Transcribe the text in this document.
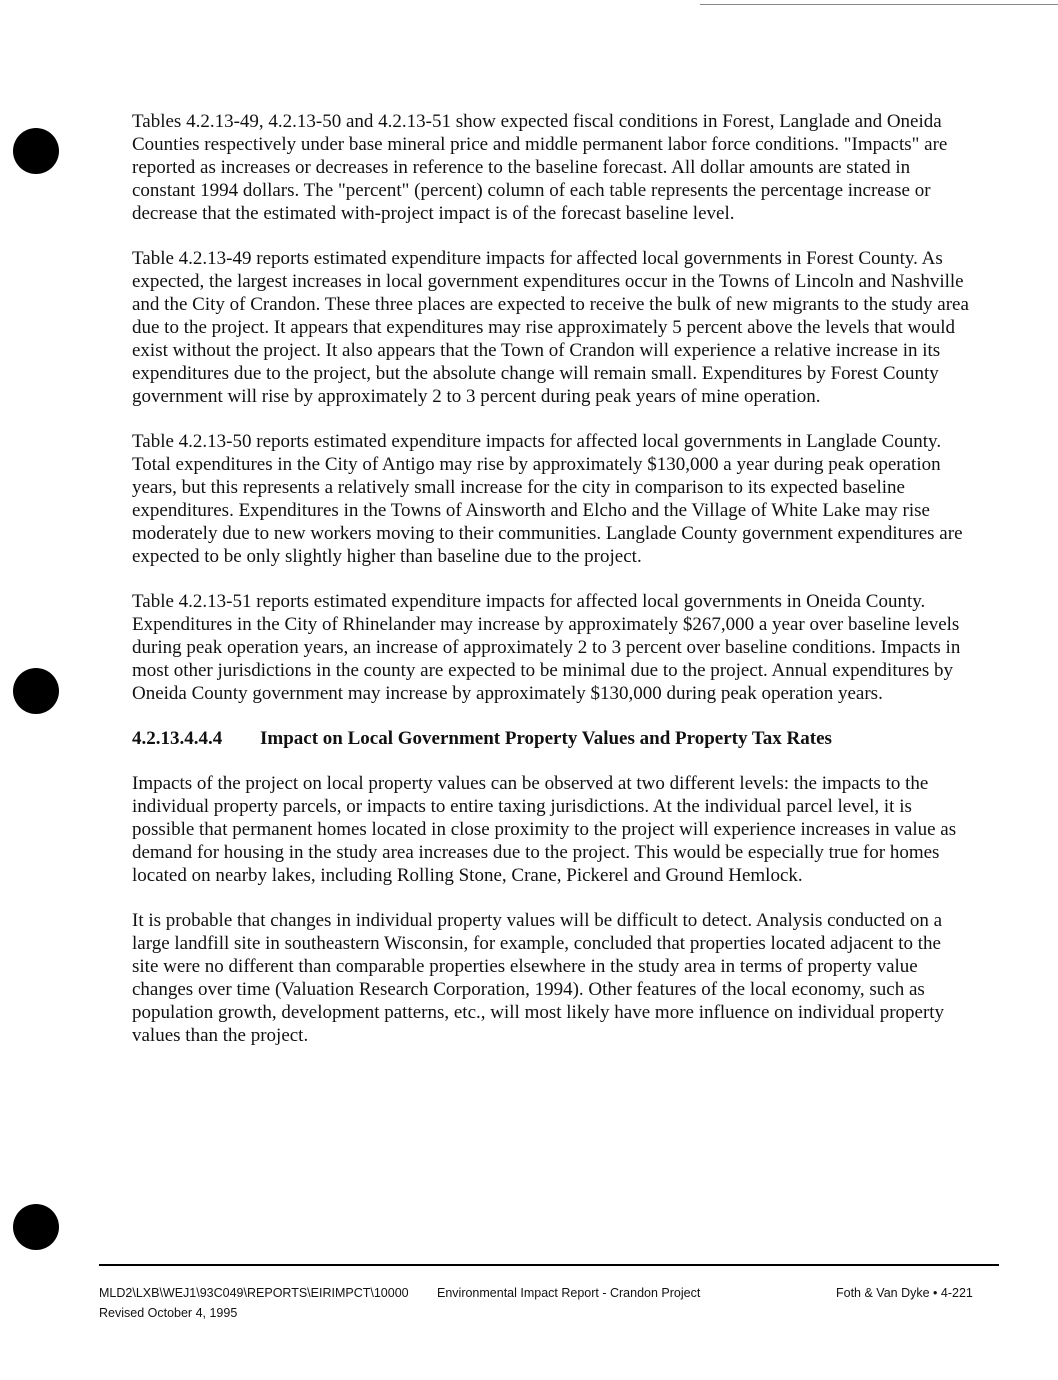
Tables 4.2.13-49, 4.2.13-50 and 4.2.13-51 show expected fiscal conditions in Forest, Langlade and Oneida Counties respectively under base mineral price and middle permanent labor force conditions. "Impacts" are reported as increases or decreases in reference to the baseline forecast. All dollar amounts are stated in constant 1994 dollars. The "percent" (percent) column of each table represents the percentage increase or decrease that the estimated with-project impact is of the forecast baseline level.

Table 4.2.13-49 reports estimated expenditure impacts for affected local governments in Forest County. As expected, the largest increases in local government expenditures occur in the Towns of Lincoln and Nashville and the City of Crandon. These three places are expected to receive the bulk of new migrants to the study area due to the project. It appears that expenditures may rise approximately 5 percent above the levels that would exist without the project. It also appears that the Town of Crandon will experience a relative increase in its expenditures due to the project, but the absolute change will remain small. Expenditures by Forest County government will rise by approximately 2 to 3 percent during peak years of mine operation.

Table 4.2.13-50 reports estimated expenditure impacts for affected local governments in Langlade County. Total expenditures in the City of Antigo may rise by approximately $130,000 a year during peak operation years, but this represents a relatively small increase for the city in comparison to its expected baseline expenditures. Expenditures in the Towns of Ainsworth and Elcho and the Village of White Lake may rise moderately due to new workers moving to their communities. Langlade County government expenditures are expected to be only slightly higher than baseline due to the project.

Table 4.2.13-51 reports estimated expenditure impacts for affected local governments in Oneida County. Expenditures in the City of Rhinelander may increase by approximately $267,000 a year over baseline levels during peak operation years, an increase of approximately 2 to 3 percent over baseline conditions. Impacts in most other jurisdictions in the county are expected to be minimal due to the project. Annual expenditures by Oneida County government may increase by approximately $130,000 during peak operation years.

4.2.13.4.4.4 Impact on Local Government Property Values and Property Tax Rates

Impacts of the project on local property values can be observed at two different levels: the impacts to the individual property parcels, or impacts to entire taxing jurisdictions. At the individual parcel level, it is possible that permanent homes located in close proximity to the project will experience increases in value as demand for housing in the study area increases due to the project. This would be especially true for homes located on nearby lakes, including Rolling Stone, Crane, Pickerel and Ground Hemlock.

It is probable that changes in individual property values will be difficult to detect. Analysis conducted on a large landfill site in southeastern Wisconsin, for example, concluded that properties located adjacent to the site were no different than comparable properties elsewhere in the study area in terms of property value changes over time (Valuation Research Corporation, 1994). Other features of the local economy, such as population growth, development patterns, etc., will most likely have more influence on individual property values than the project.

MLD2\LXB\WEJ1\93C049\REPORTS\EIRIMPCT\10000
Revised October 4, 1995
Environmental Impact Report - Crandon Project	Foth & Van Dyke • 4-221
